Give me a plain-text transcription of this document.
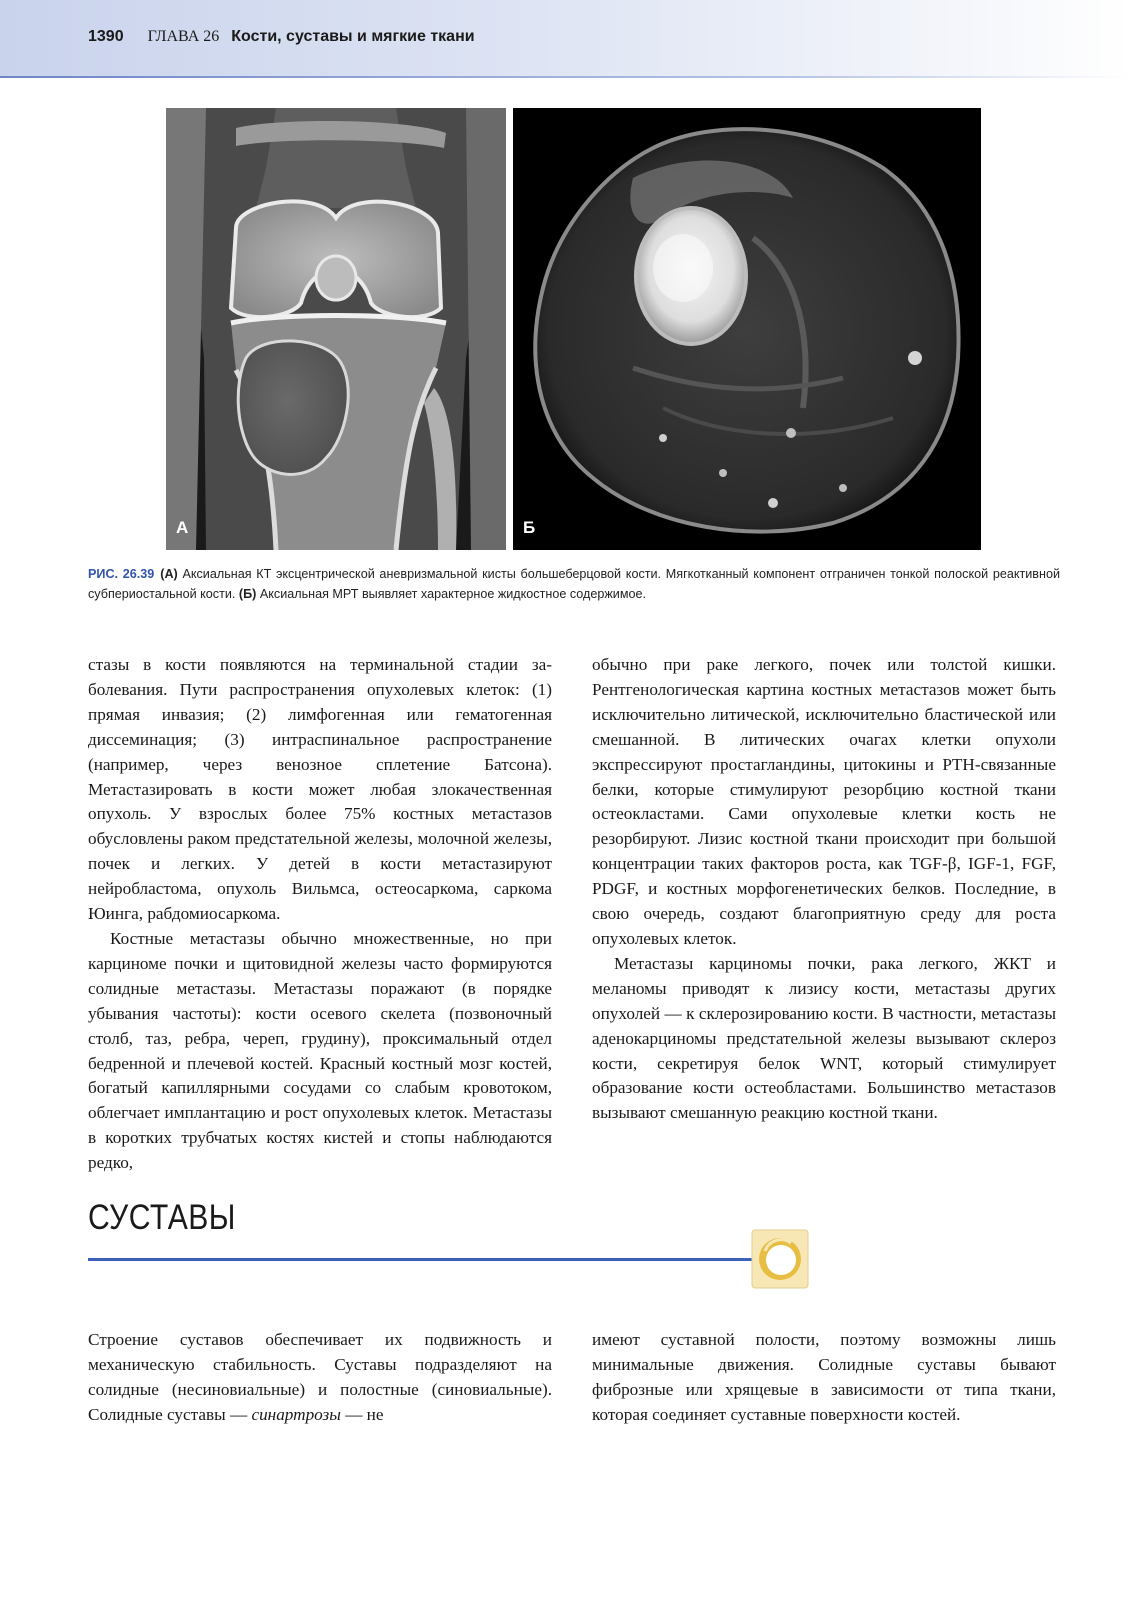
1390 ГЛАВА 26 Кости, суставы и мягкие ткани
А	Б
РИС. 26.39 (А) Аксиальная КТ эксцентрической аневризмальной кисты большеберцовой кости. Мягкотканный компонент отграничен тонкой полоской реактивной субпериостальной кости. (Б) Аксиальная МРТ выявляет характерное жидкостное содержимое.

стазы в кости появляются на терминальной стадии заболевания. Пути распространения опухолевых клеток: (1) прямая инвазия; (2) лимфогенная или гематогенная диссеминация; (3) интраспинальное распространение (например, через венозное сплетение Батсона). Метастазировать в кости может любая злокачественная опухоль. У взрослых более 75% костных метастазов обусловлены раком предстательной железы, молочной железы, почек и легких. У детей в кости метастазируют нейробластома, опухоль Вильмса, остеосаркома, саркома Юинга, рабдомиосаркома.

Костные метастазы обычно множественные, но при карциноме почки и щитовидной железы часто формируются солидные метастазы. Метастазы поражают (в порядке убывания частоты): кости осевого скелета (позвоночный столб, таз, ребра, череп, грудину), проксимальный отдел бедренной и плечевой костей. Красный костный мозг костей, богатый капиллярными сосудами со слабым кровотоком, облегчает имплантацию и рост опухолевых клеток. Метастазы в коротких трубчатых костях кистей и стопы наблюдаются редко,

обычно при раке легкого, почек или толстой кишки. Рентгенологическая картина костных метастазов может быть исключительно литической, исключительно бластической или смешанной. В литических очагах клетки опухоли экспрессируют простагландины, цитокины и PTH-связанные белки, которые стимулируют резорбцию костной ткани остеокластами. Сами опухолевые клетки кость не резорбируют. Лизис костной ткани происходит при большой концентрации таких факторов роста, как TGF-β, IGF-1, FGF, PDGF, и костных морфогенетических белков. Последние, в свою очередь, создают благоприятную среду для роста опухолевых клеток.

Метастазы карциномы почки, рака легкого, ЖКТ и меланомы приводят к лизису кости, метастазы других опухолей — к склерозированию кости. В частности, метастазы аденокарциномы предстательной железы вызывают склероз кости, секретируя белок WNT, который стимулирует образование кости остеобластами. Большинство метастазов вызывают смешанную реакцию костной ткани.

СУСТАВЫ

Строение суставов обеспечивает их подвижность и механическую стабильность. Суставы подразделяют на солидные (несиновиальные) и полостные (синовиальные). Солидные суставы — синартрозы — не

имеют суставной полости, поэтому возможны лишь минимальные движения. Солидные суставы бывают фиброзные или хрящевые в зависимости от типа ткани, которая соединяет суставные поверхности костей.
